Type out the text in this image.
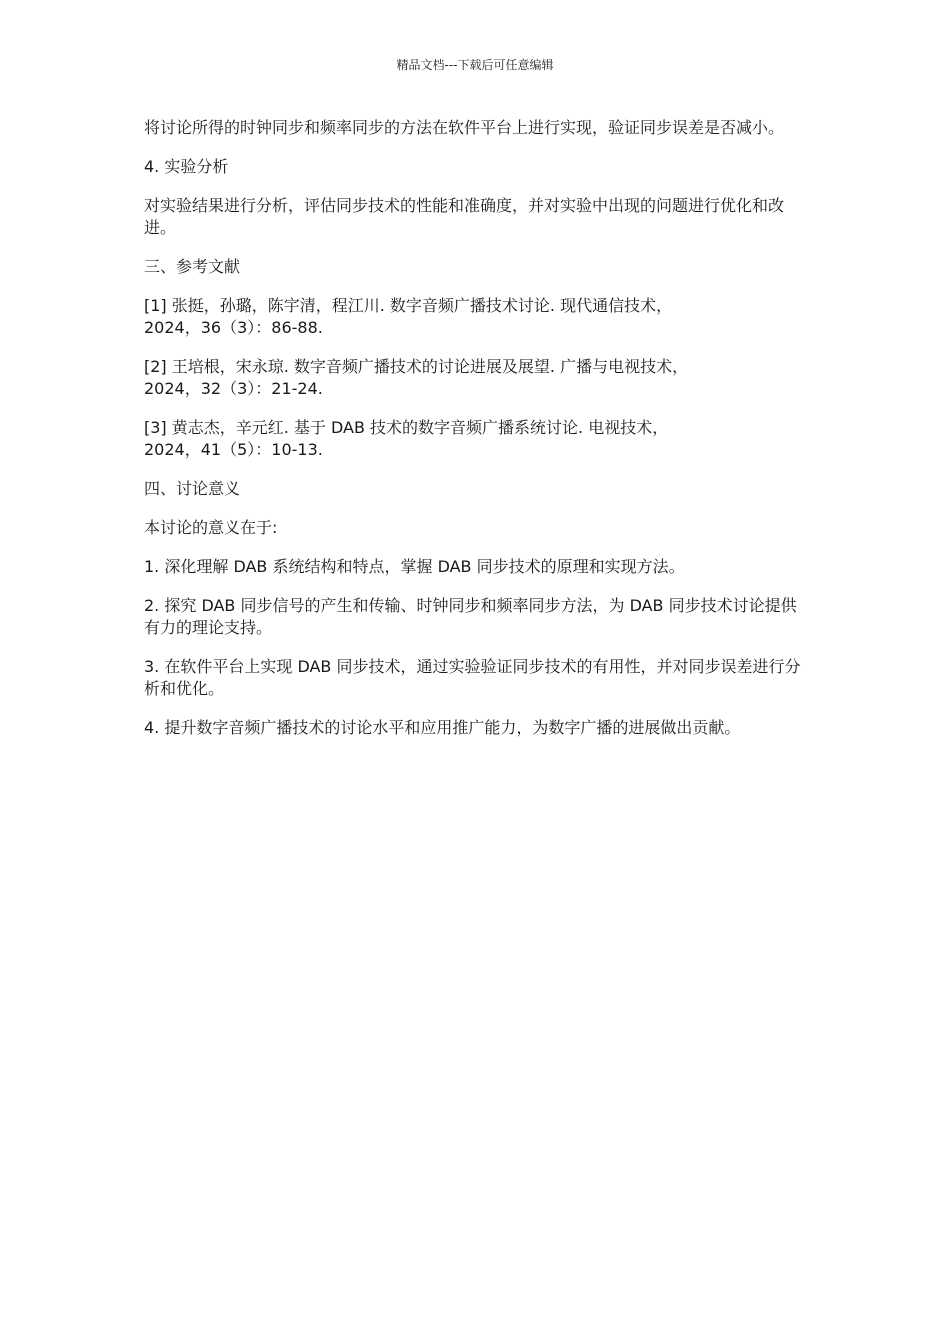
精品文档---下载后可任意编辑

将讨论所得的时钟同步和频率同步的方法在软件平台上进行实现，验证同步误差是否减小。

4. 实验分析

对实验结果进行分析，评估同步技术的性能和准确度，并对实验中出现的问题进行优化和改进。

三、参考文献

[1] 张挺，孙璐，陈宇清，程江川. 数字音频广播技术讨论. 现代通信技术，
2024，36（3）：86-88.

[2] 王培根，宋永琼. 数字音频广播技术的讨论进展及展望. 广播与电视技术，
2024，32（3）：21-24.

[3] 黄志杰，辛元红. 基于 DAB 技术的数字音频广播系统讨论. 电视技术，
2024，41（5）：10-13.

四、讨论意义

本讨论的意义在于:

1. 深化理解 DAB 系统结构和特点，掌握 DAB 同步技术的原理和实现方法。

2. 探究 DAB 同步信号的产生和传输、时钟同步和频率同步方法，为 DAB 同步技术讨论提供有力的理论支持。

3. 在软件平台上实现 DAB 同步技术，通过实验验证同步技术的有用性，并对同步误差进行分析和优化。

4. 提升数字音频广播技术的讨论水平和应用推广能力，为数字广播的进展做出贡献。
